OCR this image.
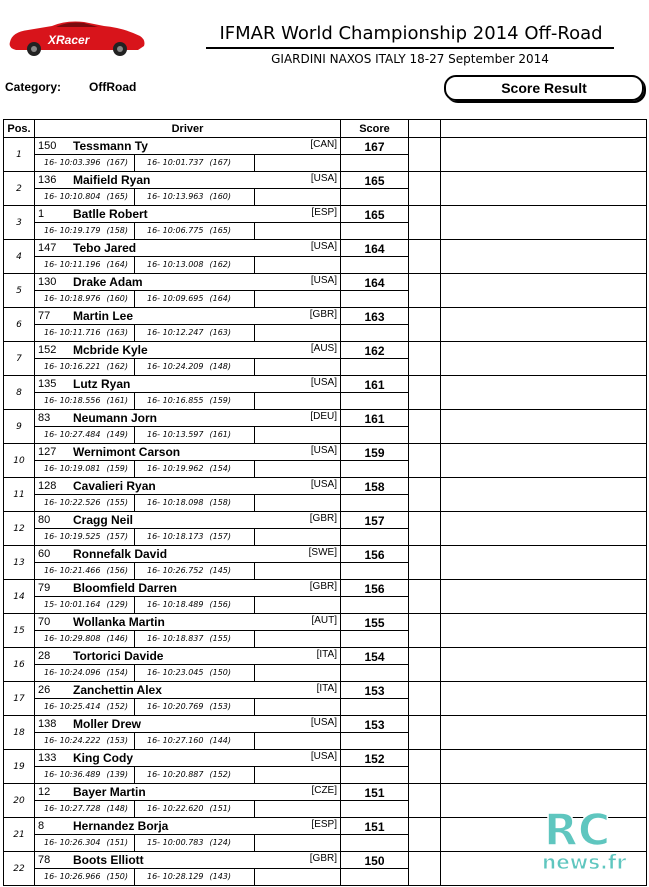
XRacer	IFMAR World Championship 2014 Off-Road
GIARDINI NAXOS ITALY 18-27 September 2014
Category: OffRoad	Score Result
Pos.	Driver	Score		
1	150 Tessmann Ty [CAN]
16- 10:03.396 (167) 16- 10:01.737 (167)	167		

2	136 Maifield Ryan [USA]
16- 10:10.804 (165) 16- 10:13.963 (160)	165		

3	1 Batlle Robert [ESP]
16- 10:19.179 (158) 16- 10:06.775 (165)	165		

4	147 Tebo Jared [USA]
16- 10:11.196 (164) 16- 10:13.008 (162)	164		

5	130 Drake Adam [USA]
16- 10:18.976 (160) 16- 10:09.695 (164)	164		

6	77 Martin Lee [GBR]
16- 10:11.716 (163) 16- 10:12.247 (163)	163		

7	152 Mcbride Kyle [AUS]
16- 10:16.221 (162) 16- 10:24.209 (148)	162		

8	135 Lutz Ryan [USA]
16- 10:18.556 (161) 16- 10:16.855 (159)	161		

9	83 Neumann Jorn [DEU]
16- 10:27.484 (149) 16- 10:13.597 (161)	161		

10	127 Wernimont Carson [USA]
16- 10:19.081 (159) 16- 10:19.962 (154)	159		

11	128 Cavalieri Ryan [USA]
16- 10:22.526 (155) 16- 10:18.098 (158)	158		

12	80 Cragg Neil [GBR]
16- 10:19.525 (157) 16- 10:18.173 (157)	157		

13	60 Ronnefalk David [SWE]
16- 10:21.466 (156) 16- 10:26.752 (145)	156		

14	79 Bloomfield Darren [GBR]
15- 10:01.164 (129) 16- 10:18.489 (156)	156		

15	70 Wollanka Martin [AUT]
16- 10:29.808 (146) 16- 10:18.837 (155)	155		

16	28 Tortorici Davide [ITA]
16- 10:24.096 (154) 16- 10:23.045 (150)	154		

17	26 Zanchettin Alex [ITA]
16- 10:25.414 (152) 16- 10:20.769 (153)	153		

18	138 Moller Drew [USA]
16- 10:24.222 (153) 16- 10:27.160 (144)	153		

19	133 King Cody [USA]
16- 10:36.489 (139) 16- 10:20.887 (152)	152		

20	12 Bayer Martin [CZE]
16- 10:27.728 (148) 16- 10:22.620 (151)	151		

21	8 Hernandez Borja [ESP]
16- 10:26.304 (151) 15- 10:00.783 (124)	151		

22	78 Boots Elliott [GBR]
16- 10:26.966 (150) 16- 10:28.129 (143)	150		

RC
news.fr
